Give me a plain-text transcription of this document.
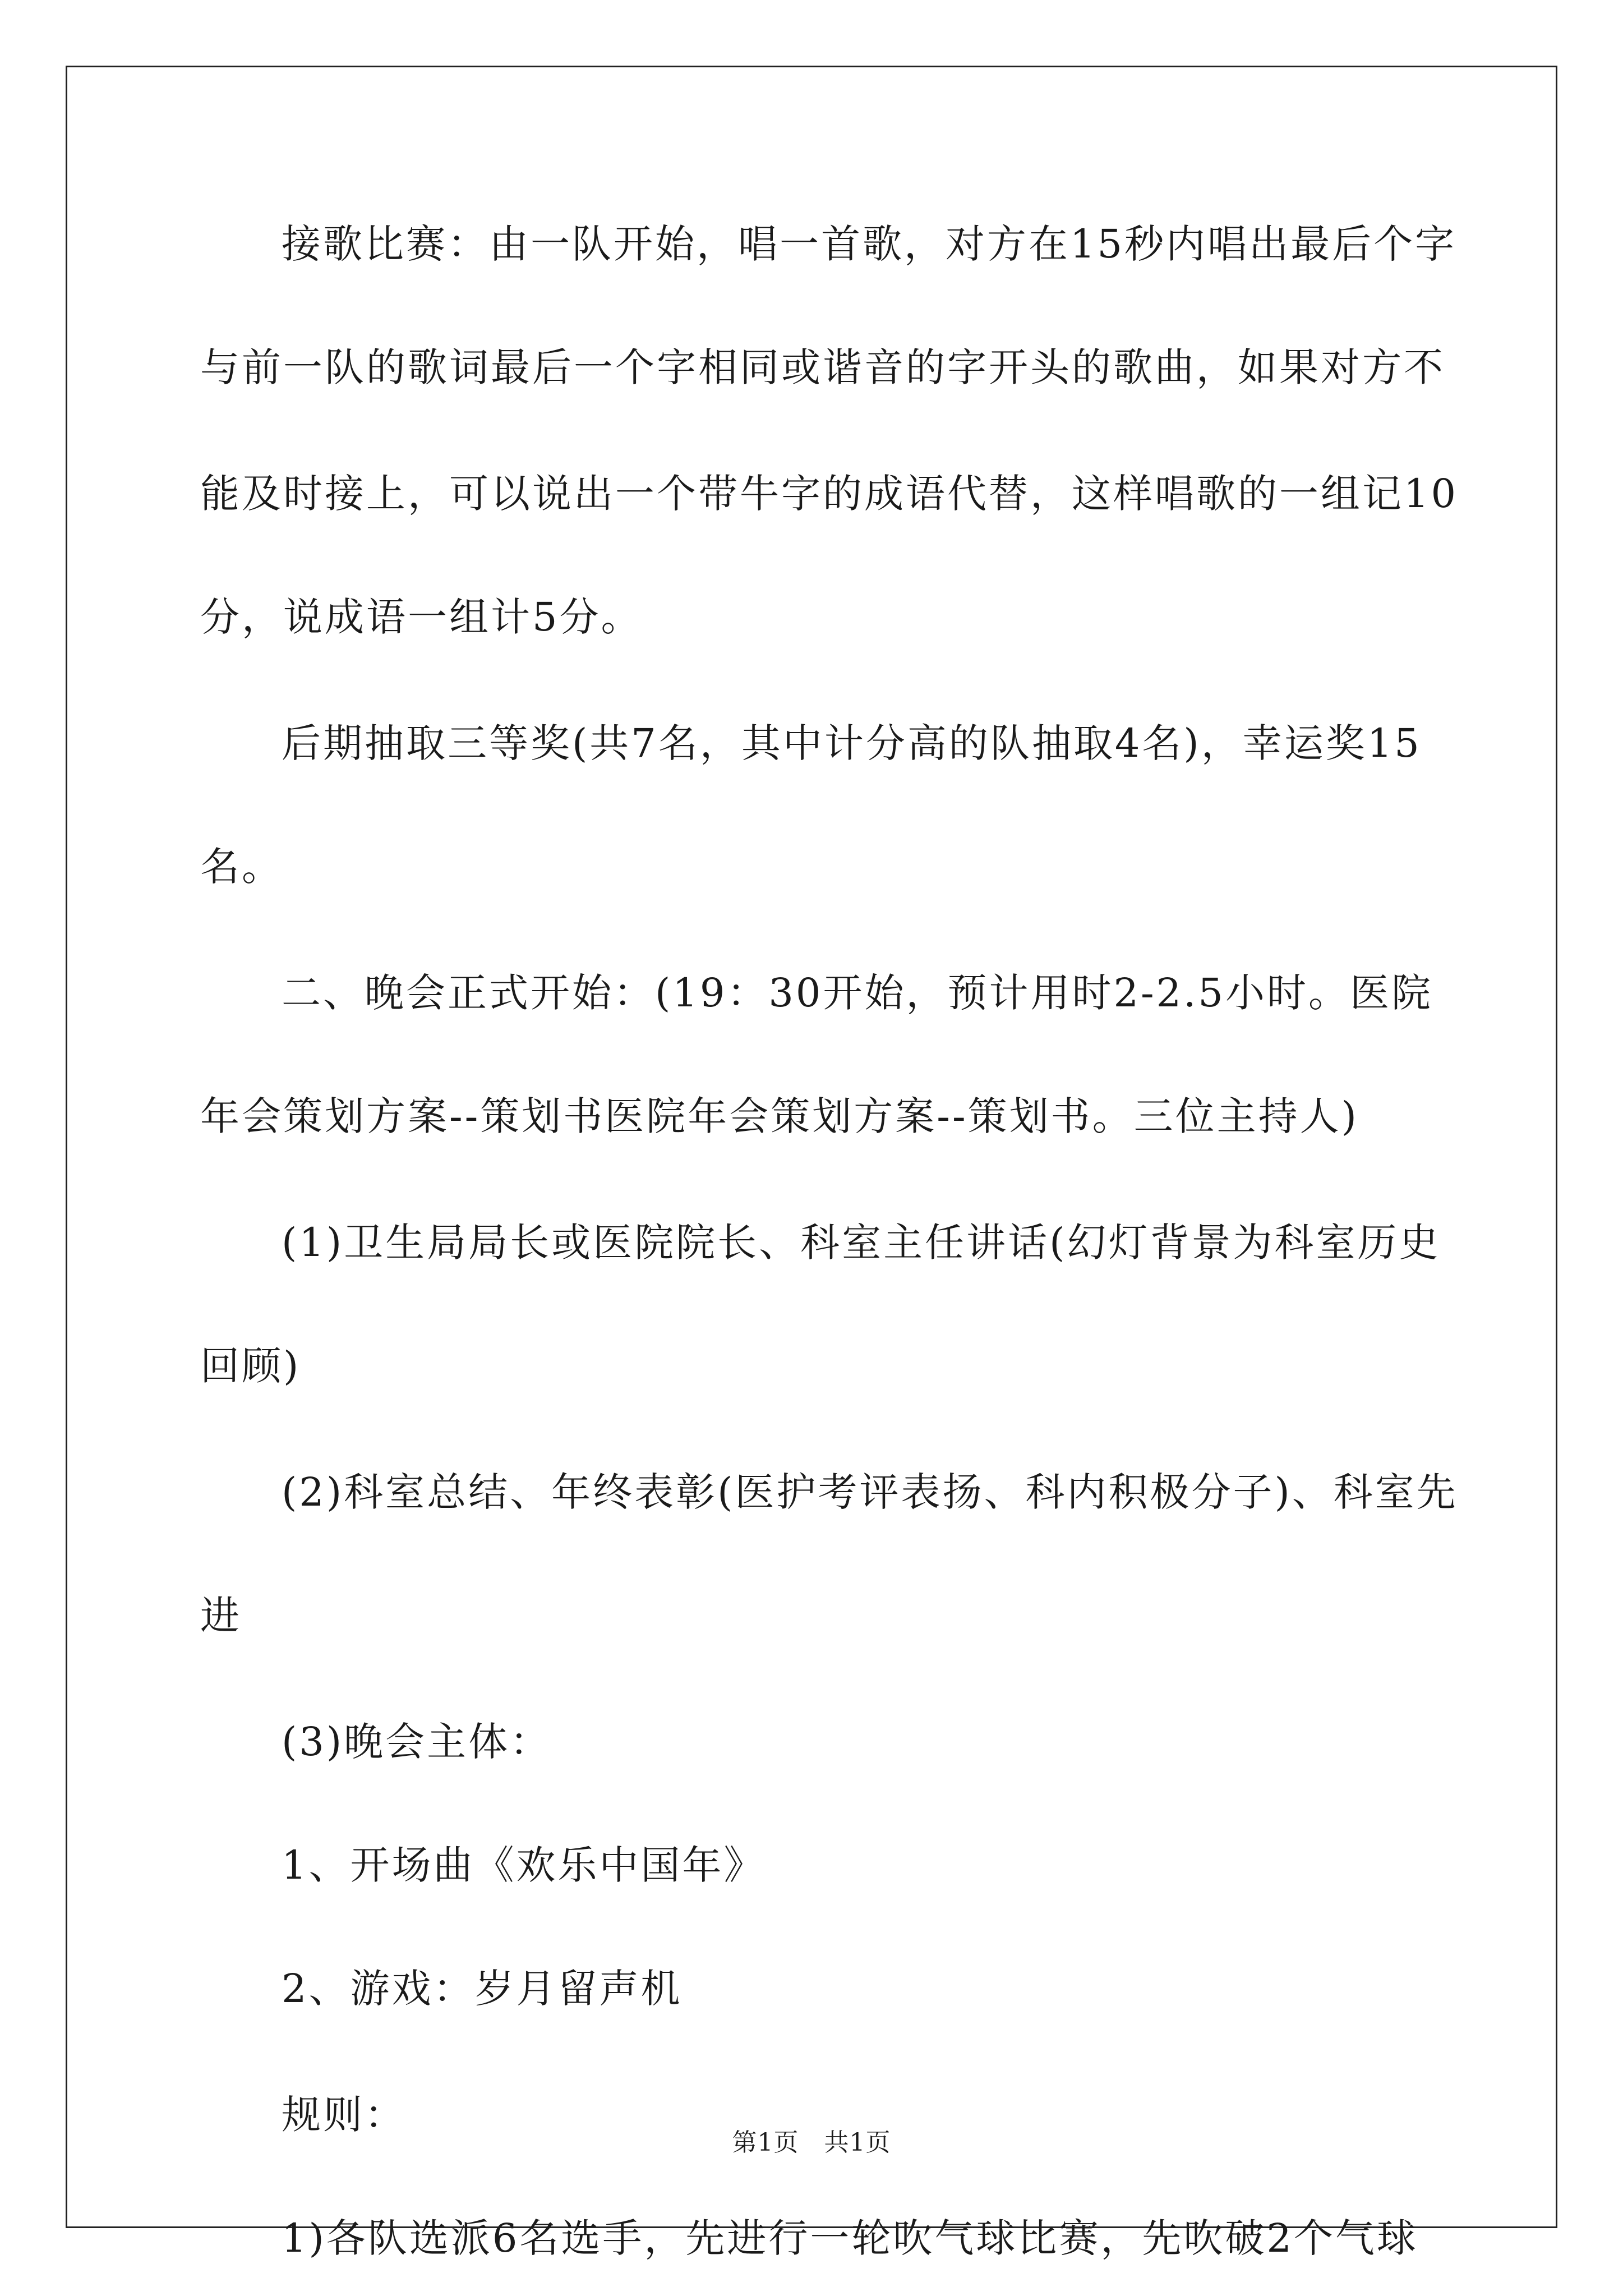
接歌比赛：由一队开始，唱一首歌，对方在15秒内唱出最后个字
与前一队的歌词最后一个字相同或谐音的字开头的歌曲，如果对方不
能及时接上，可以说出一个带牛字的成语代替，这样唱歌的一组记10
分，说成语一组计5分。
后期抽取三等奖(共7名，其中计分高的队抽取4名)，幸运奖15
名。
二、晚会正式开始：(19：30开始，预计用时2-2.5小时。医院
年会策划方案--策划书医院年会策划方案--策划书。三位主持人)
(1)卫生局局长或医院院长、科室主任讲话(幻灯背景为科室历史
回顾)
(2)科室总结、年终表彰(医护考评表扬、科内积极分子)、科室先
进
(3)晚会主体：
1、开场曲《欢乐中国年》
2、游戏：岁月留声机
规则：
1)各队选派6名选手，先进行一轮吹气球比赛，先吹破2个气球
第1页　共1页
